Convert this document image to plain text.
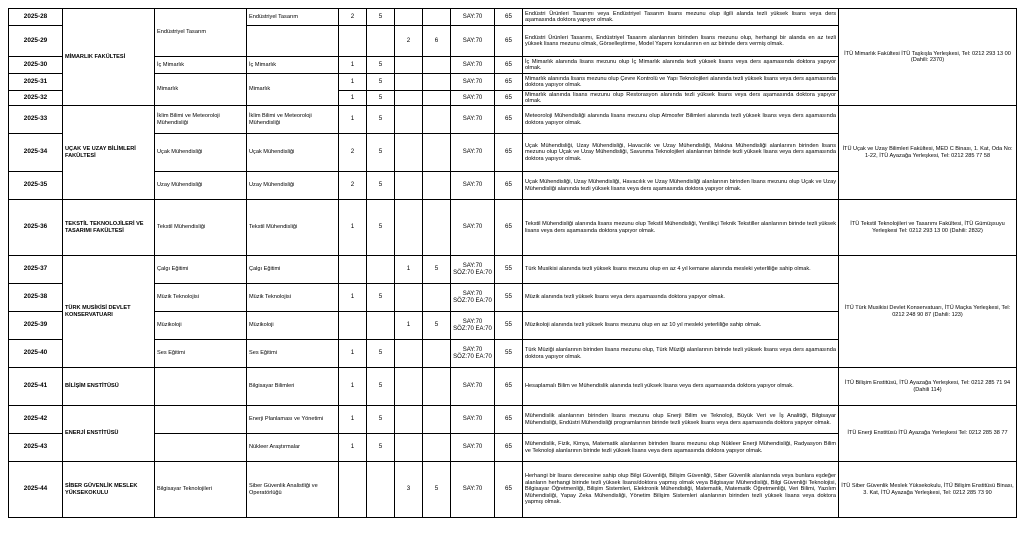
2025-28	MİMARLIK FAKÜLTESİ	Endüstriyel Tasarım	Endüstriyel Tasarım	2	5			SAY:70	65	Endüstri Ürünleri Tasarımı veya Endüstriyel Tasarım lisans mezunu olup ilgili alanda tezli yüksek lisans veya ders aşamasında doktora yapıyor olmak.	İTÜ Mimarlık Fakültesi İTÜ Taşkışla Yerleşkesi, Tel: 0212 293 13 00 (Dahili: 2370)
2025-29						2	6	SAY:70	65	Endüstri Ürünleri Tasarımı, Endüstriyel Tasarım alanlarının birinden lisans mezunu olup, herhangi bir alanda en az tezli yüksek lisans mezunu olmak, Görselleştirme, Model Yapımı konularının en az birinde ders vermiş olmak.	
2025-30		İç Mimarlık	İç Mimarlık	1	5			SAY:70	65	İç Mimarlık alanında lisans mezunu olup İç Mimarlık alanında tezli yüksek lisans veya ders aşamasında doktora yapıyor olmak.	
2025-31		Mimarlık	Mimarlık	1	5			SAY:70	65	Mimarlık alanında lisans mezunu olup Çevre Kontrolü ve Yapı Teknolojileri alanında tezli yüksek lisans veya ders aşamasında doktora yapıyor olmak.	
2025-32				1	5			SAY:70	65	Mimarlık alanında lisans mezunu olup Restorasyon alanında tezli yüksek lisans veya ders aşamasında doktora yapıyor olmak.	
2025-33	UÇAK VE UZAY BİLİMLERİ FAKÜLTESİ	İklim Bilimi ve Meteoroloji Mühendisliği	İklim Bilimi ve Meteoroloji Mühendisliği	1	5			SAY:70	65	Meteoroloji Mühendisliği alanında lisans mezunu olup Atmosfer Bilimleri alanında tezli yüksek lisans veya ders aşamasında doktora yapıyor olmak.	İTÜ Uçak ve Uzay Bilimleri Fakültesi, MED C Binası, 1. Kat, Oda No: 1-22, İTÜ Ayazağa Yerleşkesi, Tel: 0212 285 77 58
2025-34		Uçak Mühendisliği	Uçak Mühendisliği	2	5			SAY:70	65	Uçak Mühendisliği, Uzay Mühendisliği, Havacılık ve Uzay Mühendisliği, Makina Mühendisliği alanlarının birinden lisans mezunu olup Uçak ve Uzay Mühendisliği, Savunma Teknolojileri alanlarının birinde tezli yüksek lisans veya ders aşamasında doktora yapıyor olmak.	
2025-35		Uzay Mühendisliği	Uzay Mühendisliği	2	5			SAY:70	65	Uçak Mühendisliği, Uzay Mühendisliği, Havacılık ve Uzay Mühendisliği alanlarının birinden lisans mezunu olup Uçak ve Uzay Mühendisliği alanında tezli yüksek lisans veya ders aşamasında doktora yapıyor olmak.	
2025-36	TEKSTİL TEKNOLOJİLERİ VE TASARIMI FAKÜLTESİ	Tekstil Mühendisliği	Tekstil Mühendisliği	1	5			SAY:70	65	Tekstil Mühendisliği alanında lisans mezunu olup Tekstil Mühendisliği, Yenilikçi Teknik Tekstiller alanlarının birinde tezli yüksek lisans veya ders aşamasında doktora yapıyor olmak.	İTÜ Tekstil Teknolojileri ve Tasarımı Fakültesi, İTÜ Gümüşsuyu Yerleşkesi Tel: 0212 293 13 00 (Dahili: 2832)
2025-37	TÜRK MUSİKİSİ DEVLET KONSERVATUARI	Çalgı Eğitimi	Çalgı Eğitimi			1	5	SAY:70 SÖZ:70 EA:70	55	Türk Musikisi alanında tezli yüksek lisans mezunu olup en az 4 yıl kemane alanında mesleki yeterliliğe sahip olmak.	İTÜ Türk Musikisi Devlet Konservatuarı, İTÜ Maçka Yerleşkesi, Tel: 0212 248 90 87 (Dahili: 123)
2025-38		Müzik Teknolojisi	Müzik Teknolojisi	1	5			SAY:70 SÖZ:70 EA:70	55	Müzik alanında tezli yüksek lisans veya ders aşamasında doktora yapıyor olmak.	
2025-39		Müzikoloji	Müzikoloji			1	5	SAY:70 SÖZ:70 EA:70	55	Müzikoloji alanında tezli yüksek lisans mezunu olup en az 10 yıl mesleki yeterliliğe sahip olmak.	
2025-40		Ses Eğitimi	Ses Eğitimi	1	5			SAY:70 SÖZ:70 EA:70	55	Türk Müziği alanlarının birinden lisans mezunu olup, Türk Müziği alanlarının birinde tezli yüksek lisans veya ders aşamasında doktora yapıyor olmak.	
2025-41	BİLİŞİM ENSTİTÜSÜ		Bilgisayar Bilimleri	1	5			SAY:70	65	Hesaplamalı Bilim ve Mühendislik alanında tezli yüksek lisans veya ders aşamasında doktora yapıyor olmak.	İTÜ Bilişim Enstitüsü, İTÜ Ayazağa Yerleşkesi, Tel: 0212 285 71 94 (Dahili 114)
2025-42	ENERJİ ENSTİTÜSÜ		Enerji Planlaması ve Yönetimi	1	5			SAY:70	65	Mühendislik alanlarının birinden lisans mezunu olup Enerji Bilim ve Teknoloji, Büyük Veri ve İş Analitiği, Bilgisayar Mühendisliği, Endüstri Mühendisliği programlarının birinde tezli yüksek lisans veya ders aşamasında doktora yapıyor olmak.	İTÜ Enerji Enstitüsü İTÜ Ayazağa Yerleşkesi Tel: 0212 285 38 77
2025-43			Nükleer Araştırmalar	1	5			SAY:70	65	Mühendislik, Fizik, Kimya, Matematik alanlarının birinden lisans mezunu olup Nükleer Enerji Mühendisliği, Radyasyon Bilim ve Teknoloji alanlarının birinde tezli yüksek lisans veya ders aşamasında doktora yapıyor olmak.	
2025-44	SİBER GÜVENLİK MESLEK YÜKSEKOKULU	Bilgisayar Teknolojileri	Siber Güvenlik Analistliği ve Operatörlüğü			3	5	SAY:70	65	Herhangi bir lisans derecesine sahip olup Bilgi Güvenliği, Bilişim Güvenliği, Siber Güvenlik alanlarında veya bunlara eşdeğer alanların herhangi birinde tezli yüksek lisans/doktora yapmış olmak veya Bilgisayar Mühendisliği, Bilgi Güvenliği Teknolojisi, Bilgisayar Öğretmenliği, Bilişim Sistemleri, Elektronik Mühendisliği, Matematik, Matematik Öğretmenliği, Veri Bilimi, Yazılım Mühendisliği, Yapay Zeka Mühendisliği, Yönetim Bilişim Sistemleri alanlarının birinden tezli yüksek lisans veya doktora yapmış olmak.	İTÜ Siber Güvenlik Meslek Yüksekokulu, İTÜ Bilişim Enstitüsü Binası, 3. Kat, İTÜ Ayazağa Yerleşkesi, Tel: 0212 285 73 90
